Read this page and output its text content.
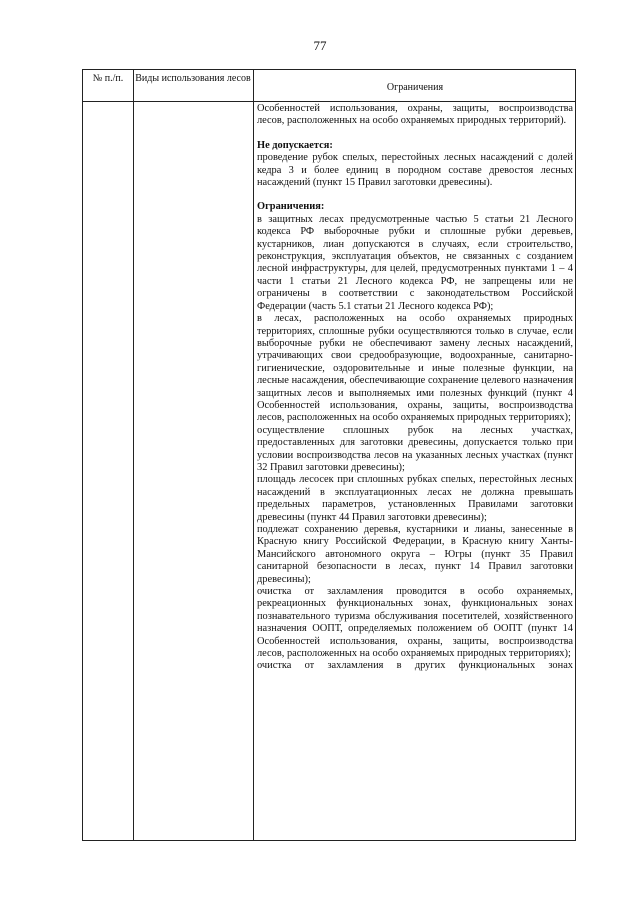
77
№ п./п.	Виды использования лесов
Ограничения

Особенностей использования, охраны, защиты, воспроизводства лесов, расположенных на особо охраняемых природных территорий).

Не допускается:

проведение рубок спелых, перестойных лесных насаждений с долей кедра 3 и более единиц в породном составе древостоя лесных насаждений (пункт 15 Правил заготовки древесины).

Ограничения:

в защитных лесах предусмотренные частью 5 статьи 21 Лесного кодекса РФ выборочные рубки и сплошные рубки деревьев, кустарников, лиан допускаются в случаях, если строительство, реконструкция, эксплуатация объектов, не связанных с созданием лесной инфраструктуры, для целей, предусмотренных пунктами 1 – 4 части 1 статьи 21 Лесного кодекса РФ, не запрещены или не ограничены в соответствии с законодательством Российской Федерации (часть 5.1 статьи 21 Лесного кодекса РФ);

в лесах, расположенных на особо охраняемых природных территориях, сплошные рубки осуществляются только в случае, если выборочные рубки не обеспечивают замену лесных насаждений, утрачивающих свои средообразующие, водоохранные, санитарно-гигиенические, оздоровительные и иные полезные функции, на лесные насаждения, обеспечивающие сохранение целевого назначения защитных лесов и выполняемых ими полезных функций (пункт 4 Особенностей использования, охраны, защиты, воспроизводства лесов, расположенных на особо охраняемых природных территориях);

осуществление сплошных рубок на лесных участках, предоставленных для заготовки древесины, допускается только при условии воспроизводства лесов на указанных лесных участках (пункт 32 Правил заготовки древесины);

площадь лесосек при сплошных рубках спелых, перестойных лесных насаждений в эксплуатационных лесах не должна превышать предельных параметров, установленных Правилами заготовки древесины (пункт 44 Правил заготовки древесины);

подлежат сохранению деревья, кустарники и лианы, занесенные в Красную книгу Российской Федерации, в Красную книгу Ханты-Мансийского автономного округа – Югры (пункт 35 Правил санитарной безопасности в лесах, пункт 14 Правил заготовки древесины);

очистка от захламления проводится в особо охраняемых, рекреационных функциональных зонах, функциональных зонах познавательного туризма обслуживания посетителей, хозяйственного назначения ООПТ, определяемых положением об ООПТ (пункт 14 Особенностей использования, охраны, защиты, воспроизводства лесов, расположенных на особо охраняемых природных территориях);

очистка от захламления в других функциональных зонах
